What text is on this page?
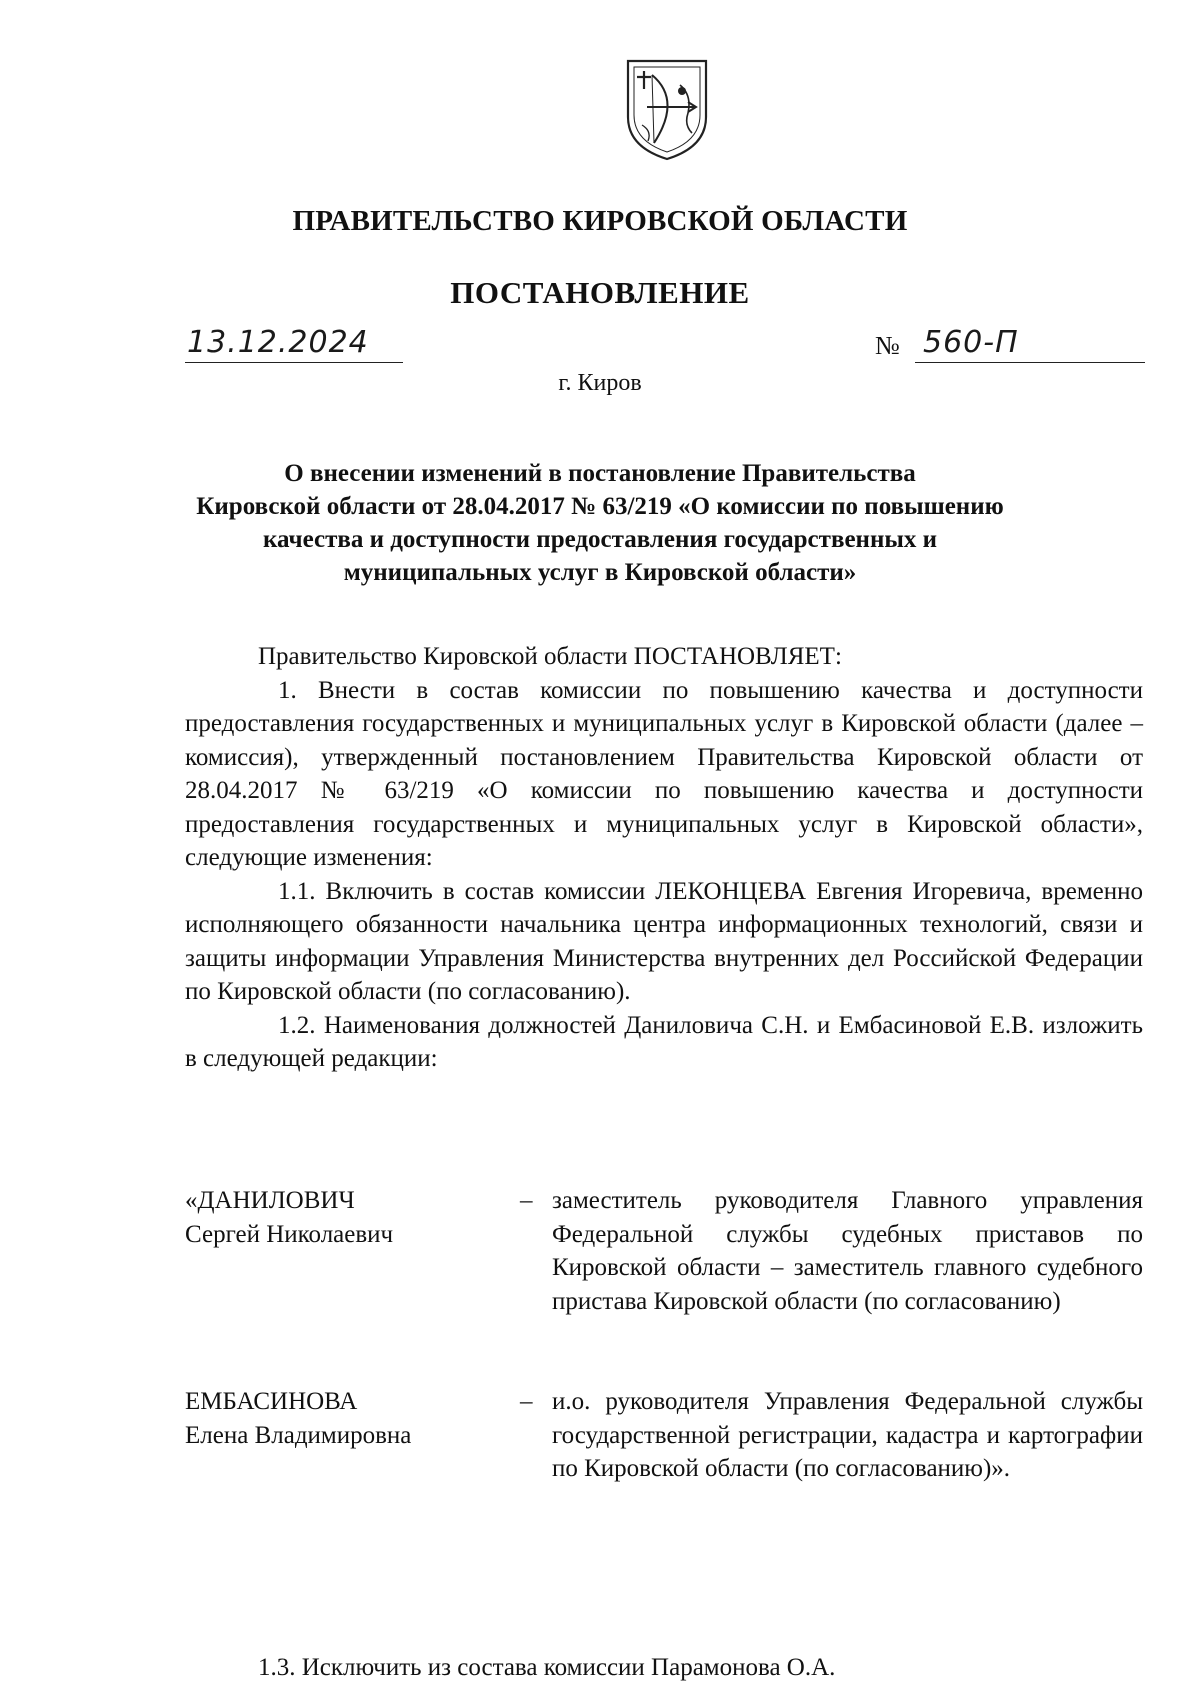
ПРАВИТЕЛЬСТВО КИРОВСКОЙ ОБЛАСТИ
ПОСТАНОВЛЕНИЕ
13.12.2024	№ 560-П
г. Киров
О внесении изменений в постановление Правительства
Кировской области от 28.04.2017 № 63/219 «О комиссии по повышению
качества и доступности предоставления государственных и
муниципальных услуг в Кировской области»

Правительство Кировской области ПОСТАНОВЛЯЕТ:

1. Внести в состав комиссии по повышению качества и доступности предоставления государственных и муниципальных услуг в Кировской области (далее – комиссия), утвержденный постановлением Правительства Кировской области от 28.04.2017 № 63/219 «О комиссии по повышению качества и доступности предоставления государственных и муниципальных услуг в Кировской области», следующие изменения:

1.1. Включить в состав комиссии ЛЕКОНЦЕВА Евгения Игоревича, временно исполняющего обязанности начальника центра информационных технологий, связи и защиты информации Управления Министерства внутренних дел Российской Федерации по Кировской области (по согласованию).

1.2. Наименования должностей Даниловича С.Н. и Ембасиновой Е.В. изложить в следующей редакции:

«ДАНИЛОВИЧ
Сергей Николаевич
– заместитель руководителя Главного управления Федеральной службы судебных приставов по Кировской области – заместитель главного судебного пристава Кировской области (по согласованию)
ЕМБАСИНОВА
Елена Владимировна
– и.о. руководителя Управления Федеральной службы государственной регистрации, кадастра и картографии по Кировской области (по согласованию)».
1.3. Исключить из состава комиссии Парамонова О.А.
